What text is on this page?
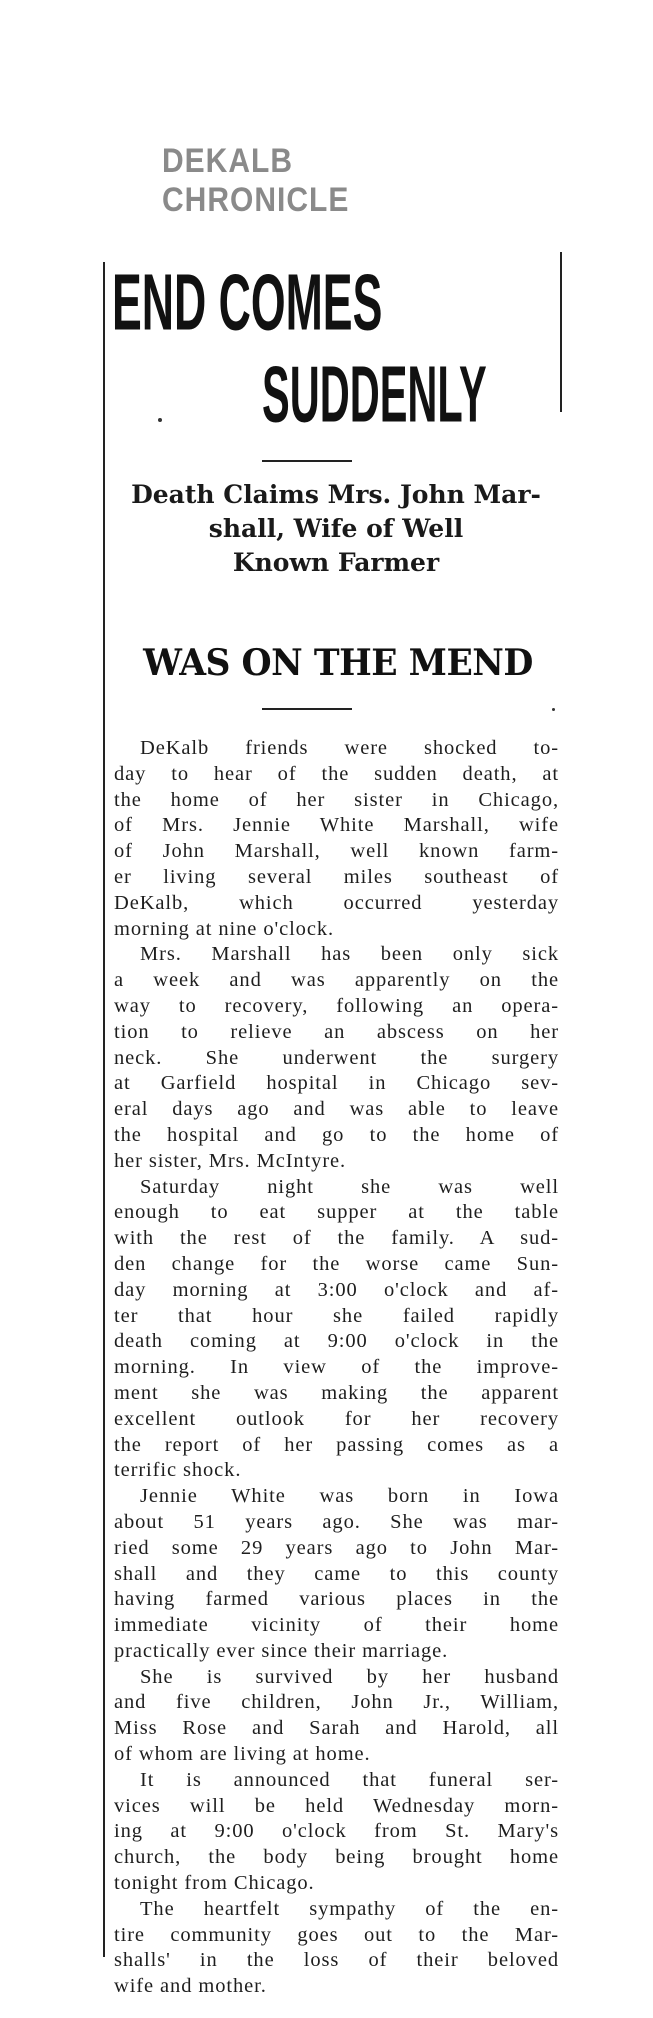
DEKALB CHRONICLE
END COMES
SUDDENLY
Death Claims Mrs. John Mar-
shall, Wife of Well
Known Farmer
WAS ON THE MEND
DeKalb friends were shocked to-
day to hear of the sudden death, at
the home of her sister in Chicago,
of Mrs. Jennie White Marshall, wife
of John Marshall, well known farm-
er living several miles southeast of
DeKalb, which occurred yesterday
morning at nine o'clock.
Mrs. Marshall has been only sick
a week and was apparently on the
way to recovery, following an opera-
tion to relieve an abscess on her
neck. She underwent the surgery
at Garfield hospital in Chicago sev-
eral days ago and was able to leave
the hospital and go to the home of
her sister, Mrs. McIntyre.
Saturday night she was well
enough to eat supper at the table
with the rest of the family. A sud-
den change for the worse came Sun-
day morning at 3:00 o'clock and af-
ter that hour she failed rapidly
death coming at 9:00 o'clock in the
morning. In view of the improve-
ment she was making the apparent
excellent outlook for her recovery
the report of her passing comes as a
terrific shock.
Jennie White was born in Iowa
about 51 years ago. She was mar-
ried some 29 years ago to John Mar-
shall and they came to this county
having farmed various places in the
immediate vicinity of their home
practically ever since their marriage.
She is survived by her husband
and five children, John Jr., William,
Miss Rose and Sarah and Harold, all
of whom are living at home.
It is announced that funeral ser-
vices will be held Wednesday morn-
ing at 9:00 o'clock from St. Mary's
church, the body being brought home
tonight from Chicago.
The heartfelt sympathy of the en-
tire community goes out to the Mar-
shalls' in the loss of their beloved
wife and mother.
